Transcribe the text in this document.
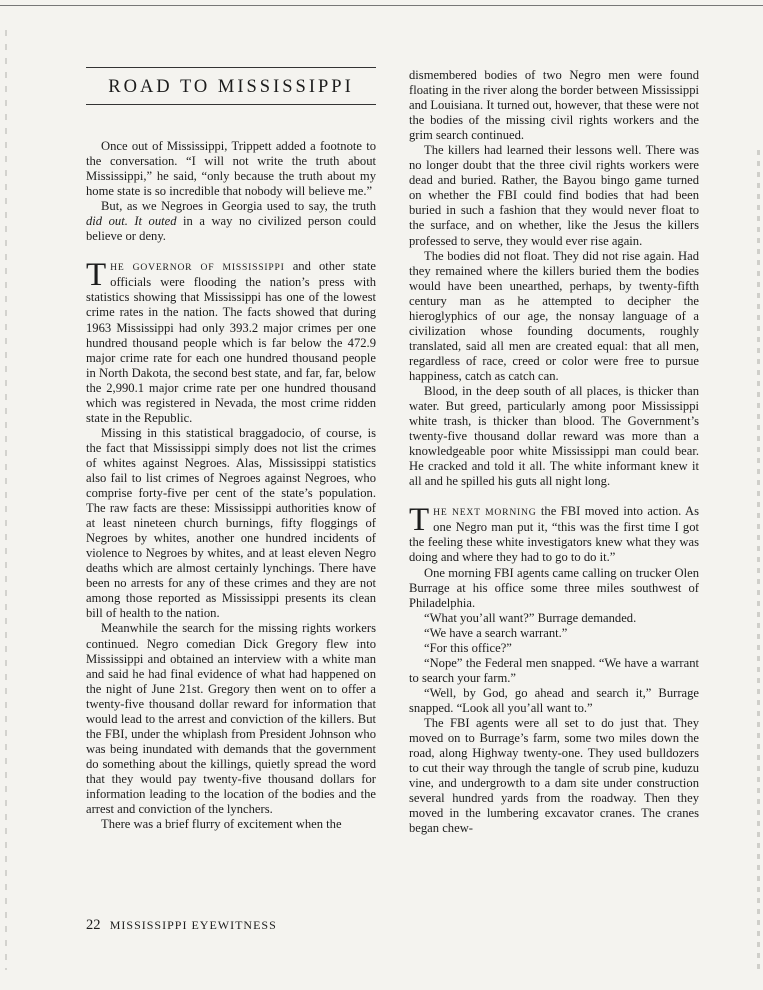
ROAD TO MISSISSIPPI

Once out of Mississippi, Trippett added a footnote to the conversation. “I will not write the truth about Mississippi,” he said, “only because the truth about my home state is so incredible that nobody will believe me.”

But, as we Negroes in Georgia used to say, the truth did out. It outed in a way no civilized person could believe or deny.

THE GOVERNOR OF MISSISSIPPI and other state officials were flooding the nation’s press with statistics showing that Mississippi has one of the lowest crime rates in the nation. The facts showed that during 1963 Mississippi had only 393.2 major crimes per one hundred thousand people which is far below the 472.9 major crime rate for each one hundred thousand people in North Dakota, the second best state, and far, far, below the 2,990.1 major crime rate per one hundred thousand which was registered in Nevada, the most crime ridden state in the Republic.

Missing in this statistical braggadocio, of course, is the fact that Mississippi simply does not list the crimes of whites against Negroes. Alas, Mississippi statistics also fail to list crimes of Negroes against Negroes, who comprise forty-five per cent of the state’s population. The raw facts are these: Mississippi authorities know of at least nineteen church burnings, fifty floggings of Negroes by whites, another one hundred incidents of violence to Negroes by whites, and at least eleven Negro deaths which are almost certainly lynchings. There have been no arrests for any of these crimes and they are not among those reported as Mississippi presents its clean bill of health to the nation.

Meanwhile the search for the missing rights workers continued. Negro comedian Dick Gregory flew into Mississippi and obtained an interview with a white man and said he had final evidence of what had happened on the night of June 21st. Gregory then went on to offer a twenty-five thousand dollar reward for information that would lead to the arrest and conviction of the killers. But the FBI, under the whiplash from President Johnson who was being inundated with demands that the government do something about the killings, quietly spread the word that they would pay twenty-five thousand dollars for information leading to the location of the bodies and the arrest and conviction of the lynchers.

There was a brief flurry of excitement when the

dismembered bodies of two Negro men were found floating in the river along the border between Mississippi and Louisiana. It turned out, however, that these were not the bodies of the missing civil rights workers and the grim search continued.

The killers had learned their lessons well. There was no longer doubt that the three civil rights workers were dead and buried. Rather, the Bayou bingo game turned on whether the FBI could find bodies that had been buried in such a fashion that they would never float to the surface, and on whether, like the Jesus the killers professed to serve, they would ever rise again.

The bodies did not float. They did not rise again. Had they remained where the killers buried them the bodies would have been unearthed, perhaps, by twenty-fifth century man as he attempted to decipher the hieroglyphics of our age, the nonsay language of a civilization whose founding documents, roughly translated, said all men are created equal: that all men, regardless of race, creed or color were free to pursue happiness, catch as catch can.

Blood, in the deep south of all places, is thicker than water. But greed, particularly among poor Mississippi white trash, is thicker than blood. The Government’s twenty-five thousand dollar reward was more than a knowledgeable poor white Mississippi man could bear. He cracked and told it all. The white informant knew it all and he spilled his guts all night long.

THE NEXT MORNING the FBI moved into action. As one Negro man put it, “this was the first time I got the feeling these white investigators knew what they was doing and where they had to go to do it.”

One morning FBI agents came calling on trucker Olen Burrage at his office some three miles southwest of Philadelphia.

“What you’all want?” Burrage demanded.

“We have a search warrant.”

“For this office?”

“Nope” the Federal men snapped. “We have a warrant to search your farm.”

“Well, by God, go ahead and search it,” Burrage snapped. “Look all you’all want to.”

The FBI agents were all set to do just that. They moved on to Burrage’s farm, some two miles down the road, along Highway twenty-one. They used bulldozers to cut their way through the tangle of scrub pine, kuduzu vine, and undergrowth to a dam site under construction several hundred yards from the roadway. Then they moved in the lumbering excavator cranes. The cranes began chew-

22 MISSISSIPPI EYEWITNESS
